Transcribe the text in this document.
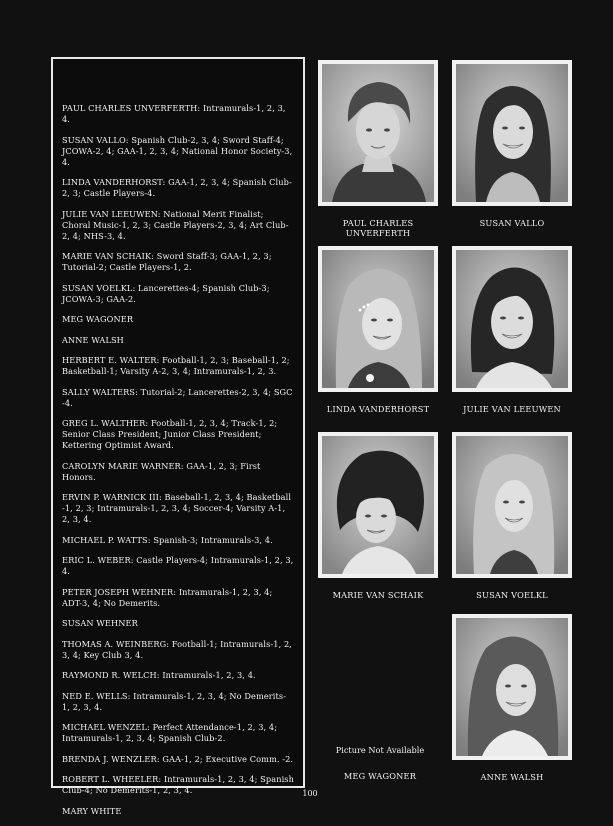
PAUL CHARLES UNVERFERTH: Intramurals-1, 2, 3, 4.

SUSAN VALLO: Spanish Club-2, 3, 4; Sword Staff-4; JCOWA-2, 4; GAA-1, 2, 3, 4; National Honor Society-3, 4.

LINDA VANDERHORST: GAA-1, 2, 3, 4; Spanish Club-2, 3; Castle Players-4.

JULIE VAN LEEUWEN: National Merit Finalist; Choral Music-1, 2, 3; Castle Players-2, 3, 4; Art Club-2, 4; NHS-3, 4.

MARIE VAN SCHAIK: Sword Staff-3; GAA-1, 2, 3; Tutorial-2; Castle Players-1, 2.

SUSAN VOELKL: Lancerettes-4; Spanish Club-3; JCOWA-3; GAA-2.

MEG WAGONER

ANNE WALSH

HERBERT E. WALTER: Football-1, 2, 3; Baseball-1, 2; Basketball-1; Varsity A-2, 3, 4; Intramurals-1, 2, 3.

SALLY WALTERS: Tutorial-2; Lancerettes-2, 3, 4; SGC -4.

GREG L. WALTHER: Football-1, 2, 3, 4; Track-1, 2; Senior Class President; Junior Class President; Kettering Optimist Award.

CAROLYN MARIE WARNER: GAA-1, 2, 3; First Honors.

ERVIN P. WARNICK III: Baseball-1, 2, 3, 4; Basketball -1, 2, 3; Intramurals-1, 2, 3, 4; Soccer-4; Varsity A-1, 2, 3, 4.

MICHAEL P. WATTS: Spanish-3; Intramurals-3, 4.

ERIC L. WEBER: Castle Players-4; Intramurals-1, 2, 3, 4.

PETER JOSEPH WEHNER: Intramurals-1, 2, 3, 4; ADT-3, 4; No Demerits.

SUSAN WEHNER

THOMAS A. WEINBERG: Football-1; Intramurals-1, 2, 3, 4; Key Club 3, 4.

RAYMOND R. WELCH: Intramurals-1, 2, 3, 4.

NED E. WELLS: Intramurals-1, 2, 3, 4; No Demerits-1, 2, 3, 4.

MICHAEL WENZEL: Perfect Attendance-1, 2, 3, 4; Intramurals-1, 2, 3, 4; Spanish Club-2.

BRENDA J. WENZLER: GAA-1, 2; Executive Comm. -2.

ROBERT L. WHEELER: Intramurals-1, 2, 3, 4; Spanish Club-4; No Demerits-1, 2, 3, 4.

MARY WHITE

PAUL CHARLES
UNVERFERTH
SUSAN VALLO
LINDA VANDERHORST	JULIE VAN LEEUWEN
MARIE VAN SCHAIK	SUSAN VOELKL
Picture Not Available
MEG WAGONER	ANNE WALSH
100
